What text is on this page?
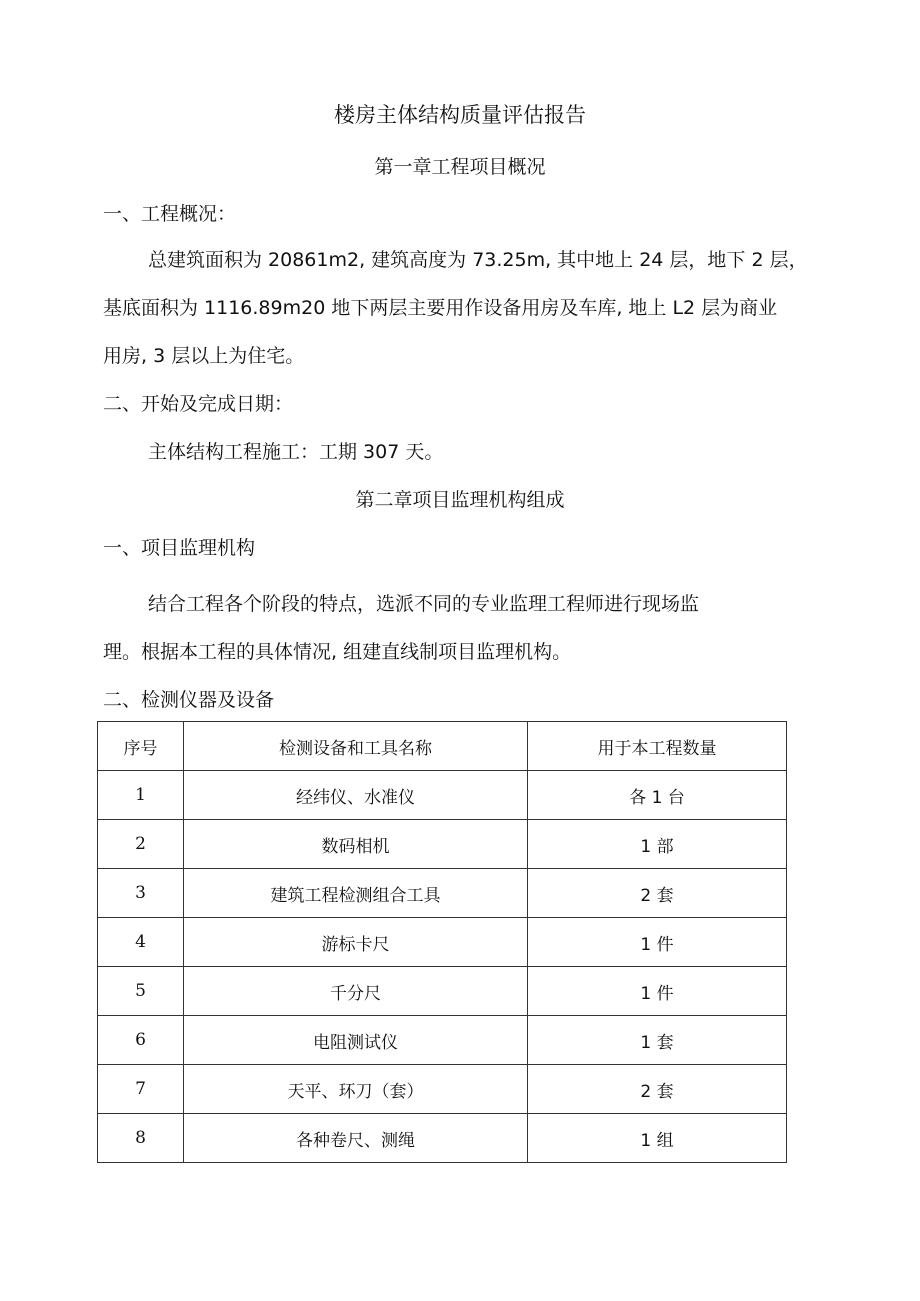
楼房主体结构质量评估报告
第一章工程项目概况
一、工程概况：
总建筑面积为 20861m2, 建筑高度为 73.25m, 其中地上 24 层，地下 2 层，
基底面积为 1116.89m20 地下两层主要用作设备用房及车库, 地上 L2 层为商业
用房, 3 层以上为住宅。
二、开始及完成日期：
主体结构工程施工：工期 307 天。
第二章项目监理机构组成
一、项目监理机构
结合工程各个阶段的特点，选派不同的专业监理工程师进行现场监
理。根据本工程的具体情况, 组建直线制项目监理机构。
二、检测仪器及设备
序号	检测设备和工具名称	用于本工程数量
1	经纬仪、水准仪	各 1 台
2	数码相机	1 部
3	建筑工程检测组合工具	2 套
4	游标卡尺	1 件
5	千分尺	1 件
6	电阻测试仪	1 套
7	天平、环刀（套）	2 套
8	各种卷尺、测绳	1 组
